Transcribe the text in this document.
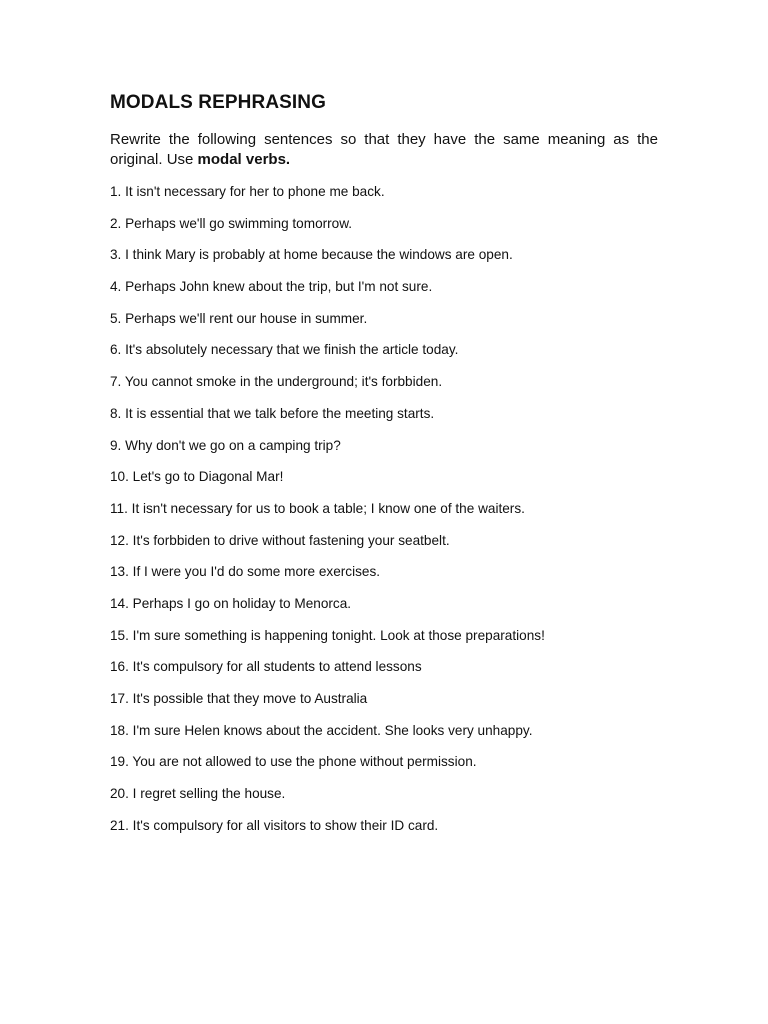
MODALS REPHRASING

Rewrite the following sentences so that they have the same meaning as the original. Use modal verbs.

1. It isn't necessary for her to phone me back.
2. Perhaps we'll go swimming tomorrow.
3. I think Mary is probably at home because the windows are open.
4. Perhaps John knew about the trip, but I'm not sure.
5. Perhaps we'll rent our house in summer.
6. It's absolutely necessary that we finish the article today.
7. You cannot smoke in the underground; it's forbbiden.
8. It is essential that we talk before the meeting starts.
9. Why don't we go on a camping trip?
10. Let's go to Diagonal Mar!
11. It isn't necessary for us to book a table; I know one of the waiters.
12. It's forbbiden to drive without fastening your seatbelt.
13. If I were you I'd do some more exercises.
14. Perhaps I go on holiday to Menorca.
15. I'm sure something is happening tonight. Look at those preparations!
16. It's compulsory for all students to attend lessons
17. It's possible that they move to Australia
18. I'm sure Helen knows about the accident. She looks very unhappy.
19. You are not allowed to use the phone without permission.
20. I regret selling the house.
21. It's compulsory for all visitors to show their ID card.
